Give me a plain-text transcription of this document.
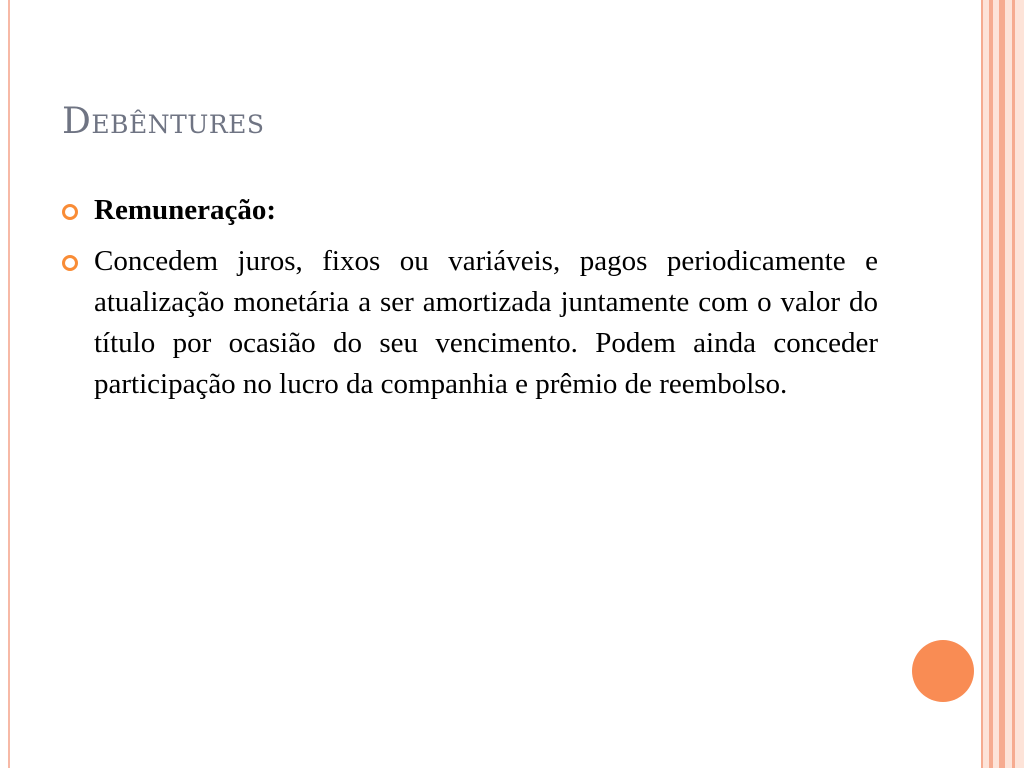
Debêntures
Remuneração:
Concedem juros, fixos ou variáveis, pagos periodicamente e atualização monetária a ser amortizada juntamente com o valor do título por ocasião do seu vencimento. Podem ainda conceder participação no lucro da companhia e prêmio de reembolso.
